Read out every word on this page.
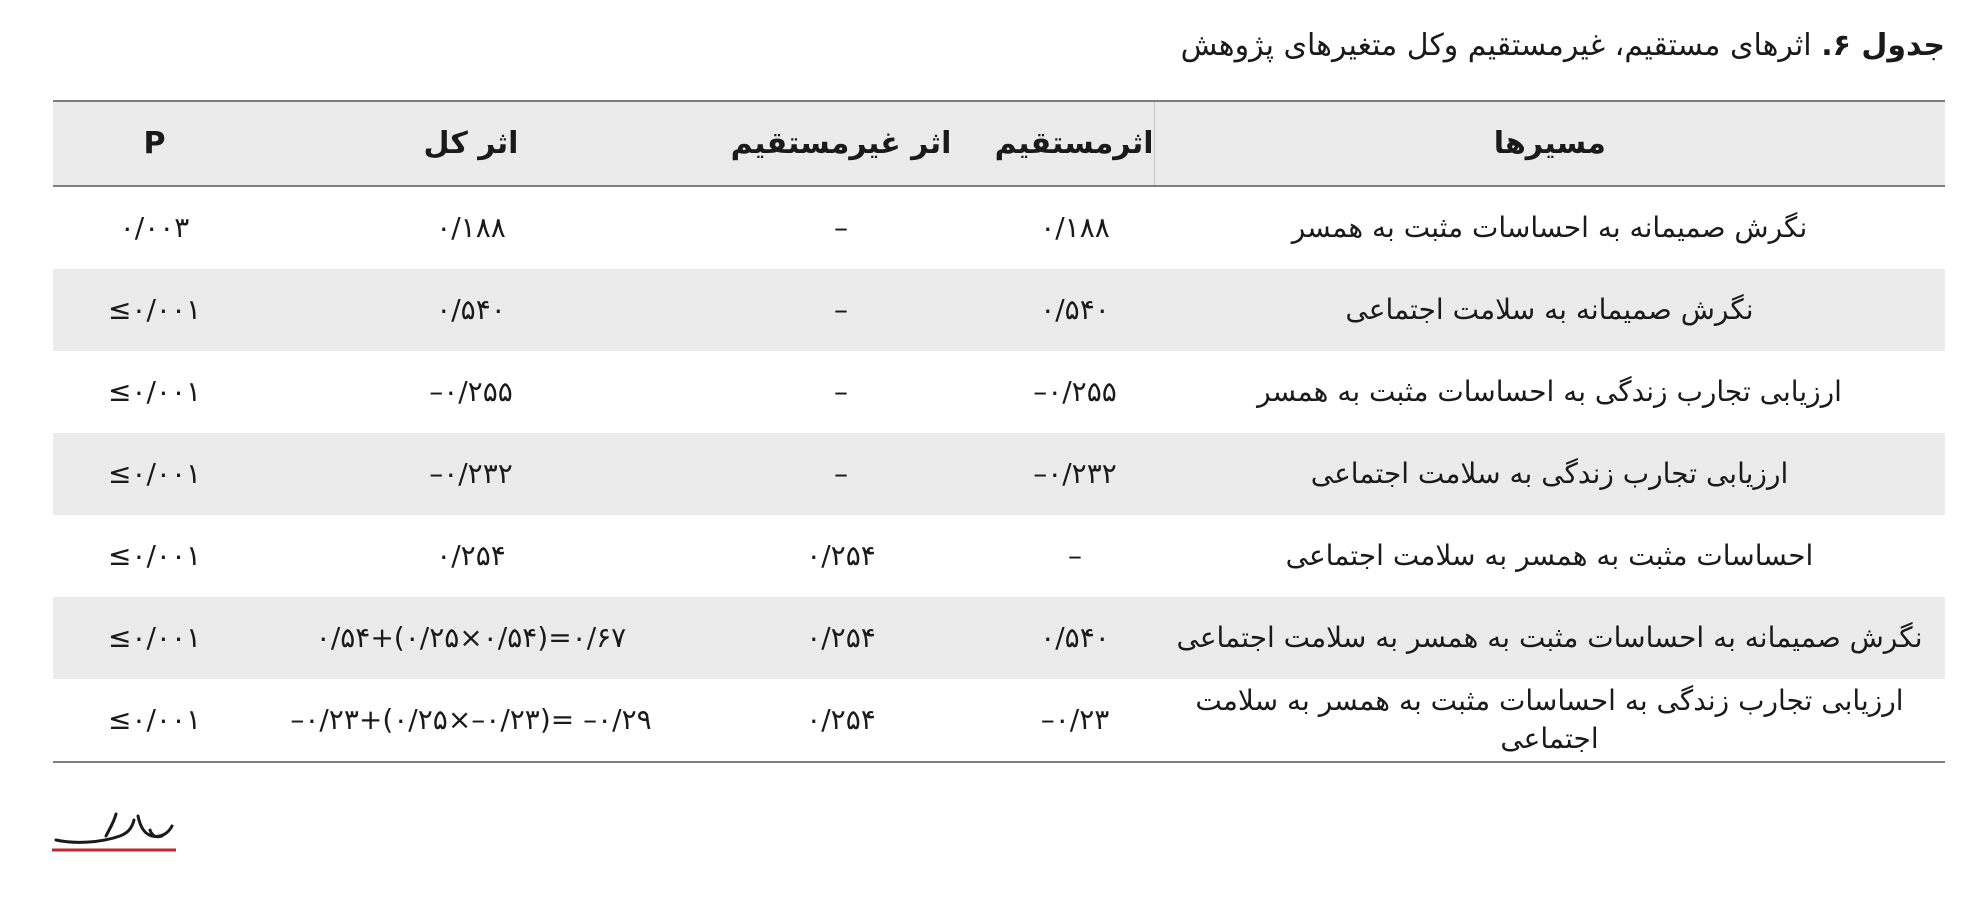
جدول ۶. اثرهای مستقیم، غیرمستقیم وکل متغیرهای پژوهش
مسیرها	اثرمستقیم	اثر غیرمستقیم	اثر کل	P
نگرش صمیمانه به احساسات مثبت به همسر	۰/۱۸۸	–	۰/۱۸۸	۰/۰۰۳
نگرش صمیمانه به سلامت اجتماعی	۰/۵۴۰	–	۰/۵۴۰	≤۰/۰۰۱
ارزیابی تجارب زندگی به احساسات مثبت به همسر	–۰/۲۵۵	–	–۰/۲۵۵	≤۰/۰۰۱
ارزیابی تجارب زندگی به سلامت اجتماعی	–۰/۲۳۲	–	–۰/۲۳۲	≤۰/۰۰۱
احساسات مثبت به همسر به سلامت اجتماعی	–	۰/۲۵۴	۰/۲۵۴	≤۰/۰۰۱
نگرش صمیمانه به احساسات مثبت به همسر به سلامت اجتماعی	۰/۵۴۰	۰/۲۵۴	۰/۵۴+(۰/۲۵×۰/۵۴)=۰/۶۷	≤۰/۰۰۱
ارزیابی تجارب زندگی به احساسات مثبت به همسر به سلامت اجتماعی	–۰/۲۳	۰/۲۵۴	–۰/۲۳+(۰/۲۵×–۰/۲۳)= –۰/۲۹	≤۰/۰۰۱
